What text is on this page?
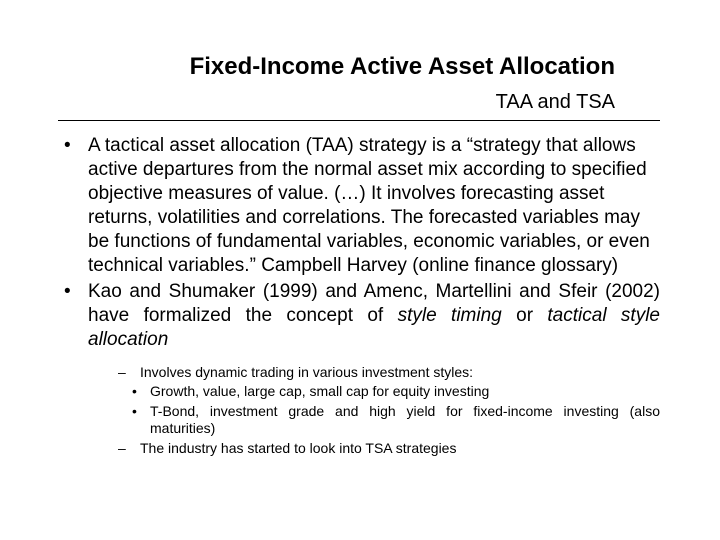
Fixed-Income Active Asset Allocation
TAA and TSA
• A tactical asset allocation (TAA) strategy is a “strategy that allows active departures from the normal asset mix according to specified objective measures of value. (…) It involves forecasting asset returns, volatilities and correlations. The forecasted variables may be functions of fundamental variables, economic variables, or even technical variables.” Campbell Harvey (online finance glossary)
• Kao and Shumaker (1999) and Amenc, Martellini and Sfeir (2002) have formalized the concept of style timing or tactical style allocation
– Involves dynamic trading in various investment styles:
• Growth, value, large cap, small cap for equity investing
• T-Bond, investment grade and high yield for fixed-income investing (also maturities)
– The industry has started to look into TSA strategies
